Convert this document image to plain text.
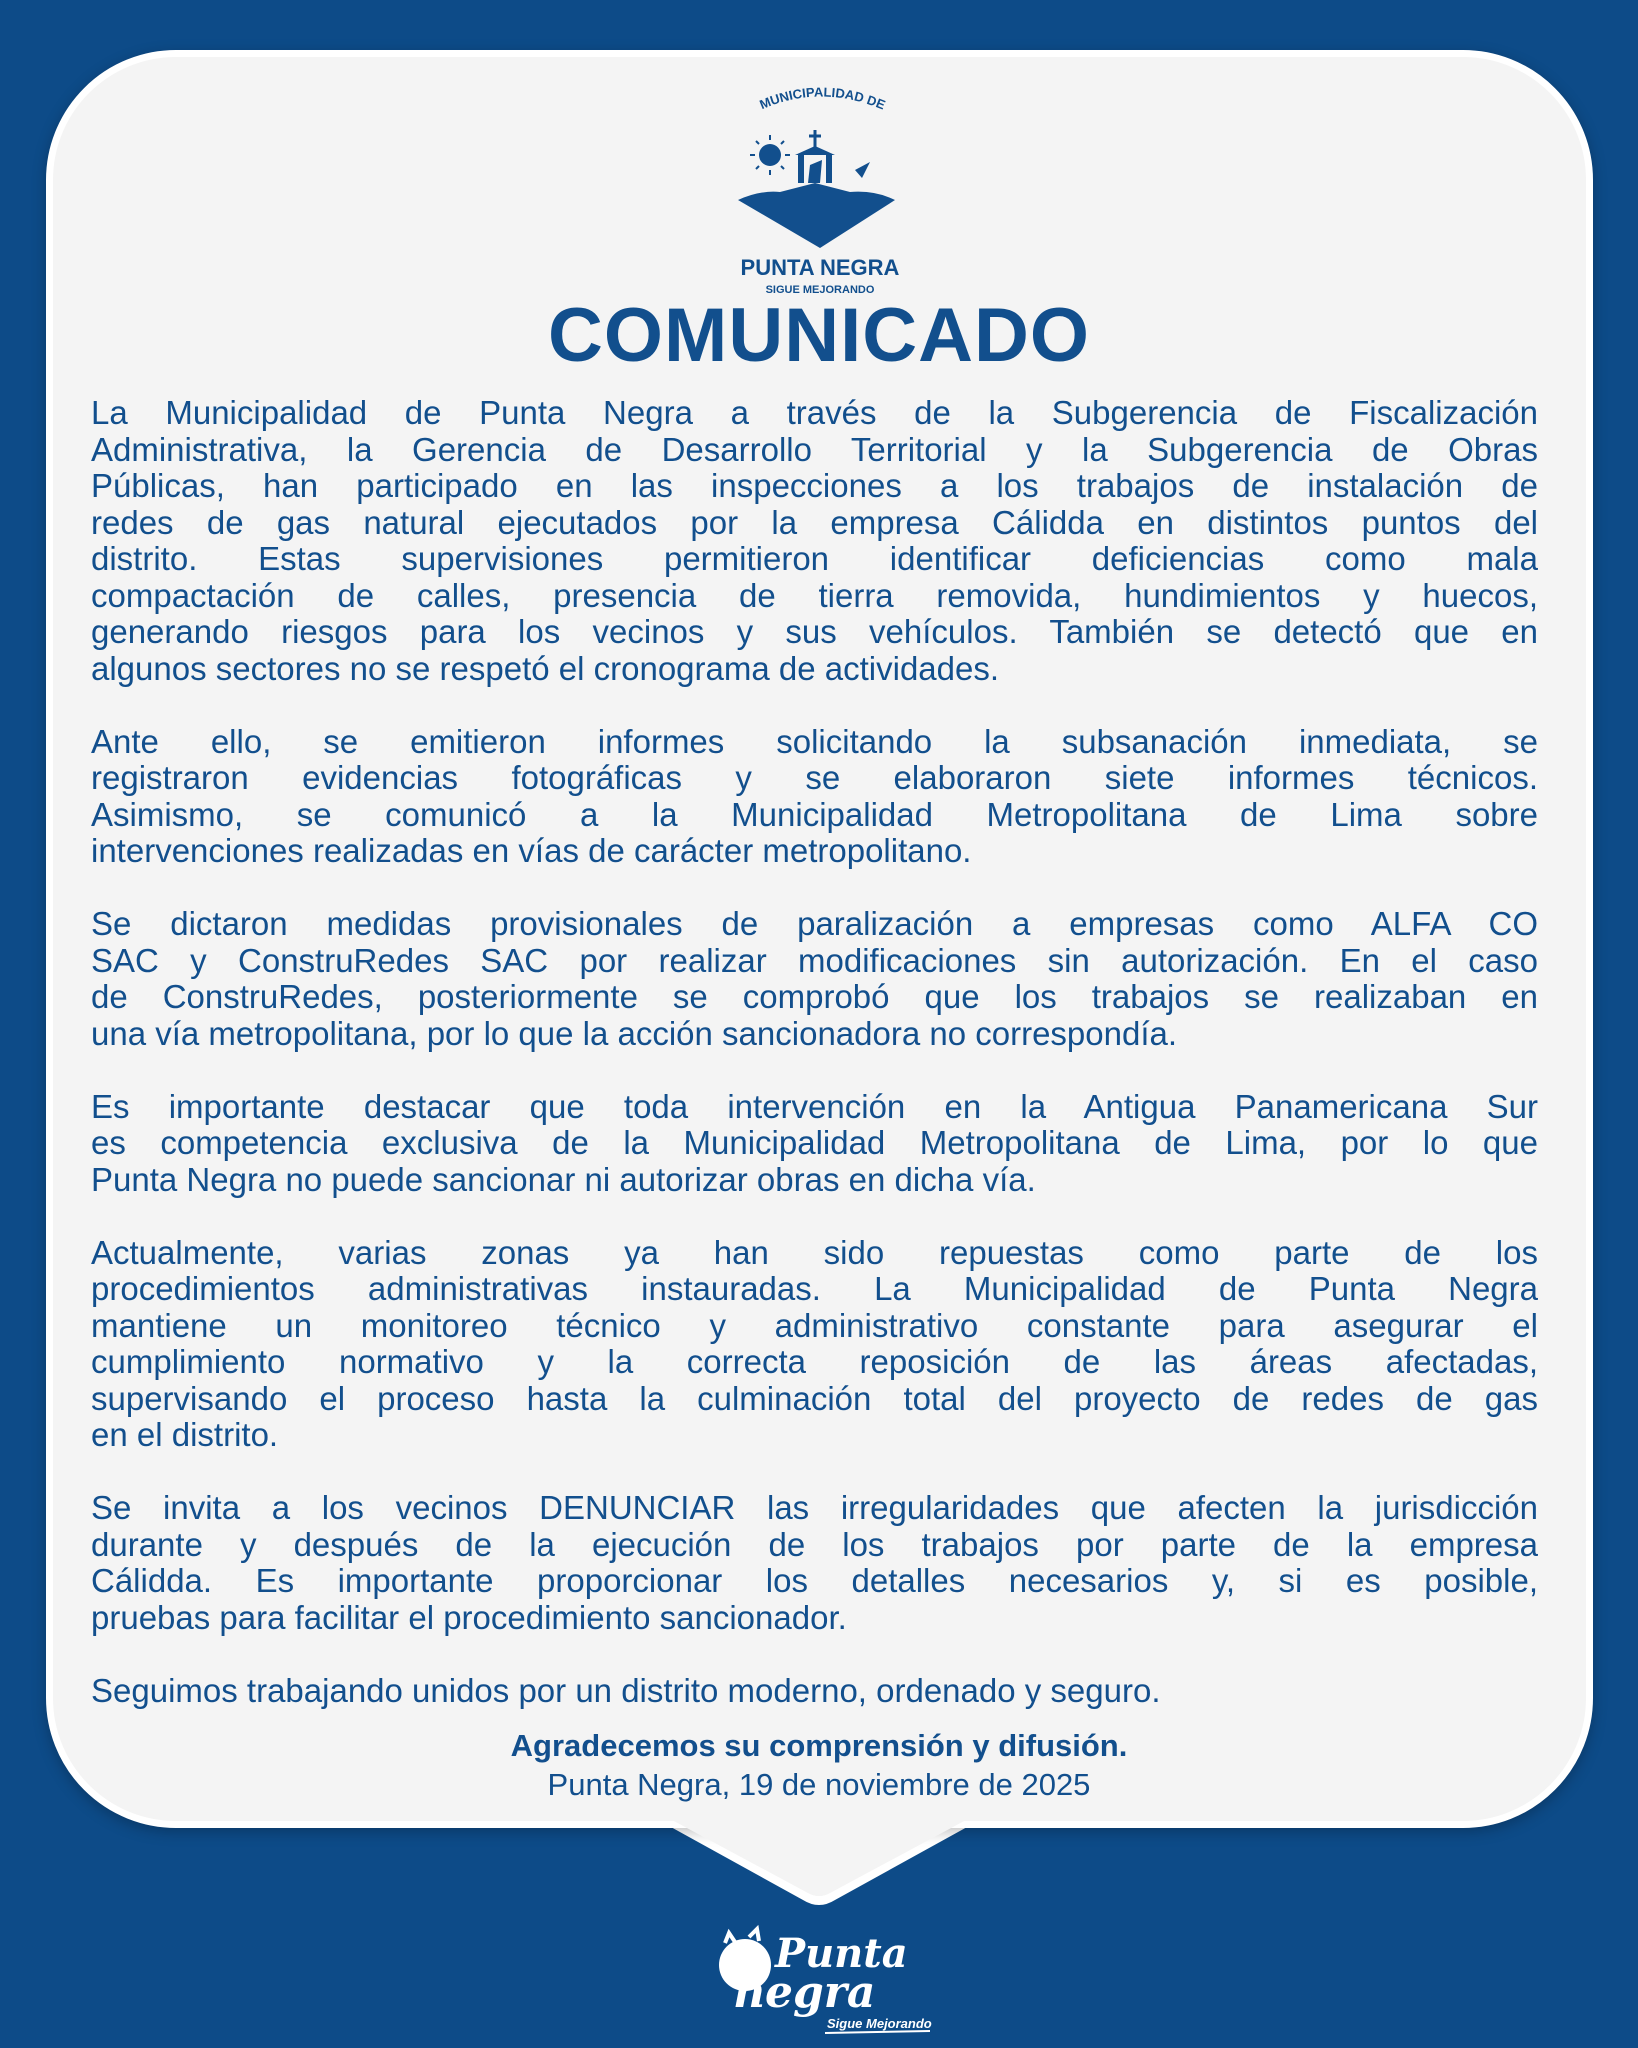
MUNICIPALIDAD DE
PUNTA NEGRA
SIGUE MEJORANDO
COMUNICADO
La Municipalidad de Punta Negra a través de la Subgerencia de Fiscalización
Administrativa, la Gerencia de Desarrollo Territorial y la Subgerencia de Obras
Públicas, han participado en las inspecciones a los trabajos de instalación de
redes de gas natural ejecutados por la empresa Cálidda en distintos puntos del
distrito. Estas supervisiones permitieron identificar deficiencias como mala
compactación de calles, presencia de tierra removida, hundimientos y huecos,
generando riesgos para los vecinos y sus vehículos. También se detectó que en
algunos sectores no se respetó el cronograma de actividades.
Ante ello, se emitieron informes solicitando la subsanación inmediata, se
registraron evidencias fotográficas y se elaboraron siete informes técnicos.
Asimismo, se comunicó a la Municipalidad Metropolitana de Lima sobre
intervenciones realizadas en vías de carácter metropolitano.
Se dictaron medidas provisionales de paralización a empresas como ALFA CO
SAC y ConstruRedes SAC por realizar modificaciones sin autorización. En el caso
de ConstruRedes, posteriormente se comprobó que los trabajos se realizaban en
una vía metropolitana, por lo que la acción sancionadora no correspondía.
Es importante destacar que toda intervención en la Antigua Panamericana Sur
es competencia exclusiva de la Municipalidad Metropolitana de Lima, por lo que
Punta Negra no puede sancionar ni autorizar obras en dicha vía.
Actualmente, varias zonas ya han sido repuestas como parte de los
procedimientos administrativas instauradas. La Municipalidad de Punta Negra
mantiene un monitoreo técnico y administrativo constante para asegurar el
cumplimiento normativo y la correcta reposición de las áreas afectadas,
supervisando el proceso hasta la culminación total del proyecto de redes de gas
en el distrito.
Se invita a los vecinos DENUNCIAR las irregularidades que afecten la jurisdicción
durante y después de la ejecución de los trabajos por parte de la empresa
Cálidda. Es importante proporcionar los detalles necesarios y, si es posible,
pruebas para facilitar el procedimiento sancionador.
Seguimos trabajando unidos por un distrito moderno, ordenado y seguro.
Agradecemos su comprensión y difusión.
Punta Negra, 19 de noviembre de 2025
Punta
negra
Sigue Mejorando
